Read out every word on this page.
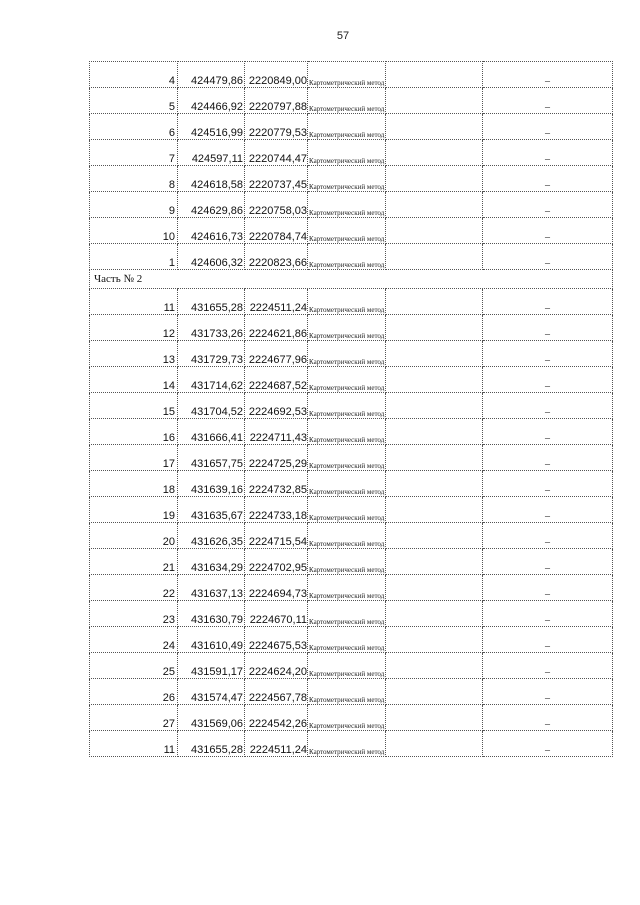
57
4	424479,86	2220849,00	Картометрический метод		–
5	424466,92	2220797,88	Картометрический метод		–
6	424516,99	2220779,53	Картометрический метод		–
7	424597,11	2220744,47	Картометрический метод		–
8	424618,58	2220737,45	Картометрический метод		–
9	424629,86	2220758,03	Картометрический метод		–
10	424616,73	2220784,74	Картометрический метод		–
1	424606,32	2220823,66	Картометрический метод		–
Часть № 2					
11	431655,28	2224511,24	Картометрический метод		–
12	431733,26	2224621,86	Картометрический метод		–
13	431729,73	2224677,96	Картометрический метод		–
14	431714,62	2224687,52	Картометрический метод		–
15	431704,52	2224692,53	Картометрический метод		–
16	431666,41	2224711,43	Картометрический метод		–
17	431657,75	2224725,29	Картометрический метод		–
18	431639,16	2224732,85	Картометрический метод		–
19	431635,67	2224733,18	Картометрический метод		–
20	431626,35	2224715,54	Картометрический метод		–
21	431634,29	2224702,95	Картометрический метод		–
22	431637,13	2224694,73	Картометрический метод		–
23	431630,79	2224670,11	Картометрический метод		–
24	431610,49	2224675,53	Картометрический метод		–
25	431591,17	2224624,20	Картометрический метод		–
26	431574,47	2224567,78	Картометрический метод		–
27	431569,06	2224542,26	Картометрический метод		–
11	431655,28	2224511,24	Картометрический метод		–
